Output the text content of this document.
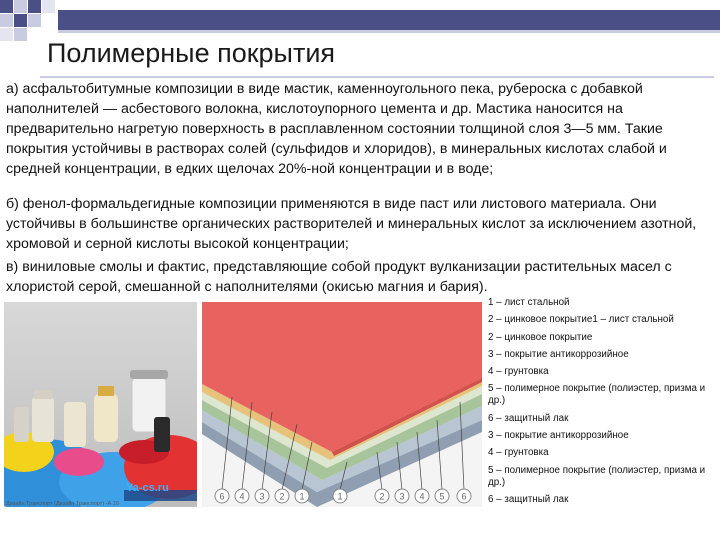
Полимерные покрытия
а) асфальтобитумные композиции в виде мастик, каменноугольного пека, рубероска с добавкой наполнителей — асбестового волокна, кислотоупорного цемента и др. Мастика наносится на предварительно нагретую поверхность в расплавленном состоянии толщиной слоя 3—5 мм. Такие покрытия устойчивы в растворах солей (сульфидов и хлоридов), в минеральных кислотах слабой и средней концентрации, в едких щелочах 20%-ной концентрации и в воде;
б) фенол-формальдегидные композиции применяются в виде паст или листового материала. Они устойчивы в большинстве органических растворителей и минеральных кислот за исключением азотной, хромовой и серной кислоты высокой концентрации;
в) виниловые смолы и фактис, представляющие собой продукт вулканизации растительных масел с хлористой серой, смешанной с наполнителями (окисью магния и бария).
Ya-cs.ru
Дизайн Транспорт (Дизайн Транспорт) -А 10
6 4 3 2 1	1	2 3 4 5 6
1 – лист стальной
2 – цинковое покрытие1 – лист стальной
2 – цинковое покрытие
3 – покрытие антикоррозийное
4 – грунтовка
5 – полимерное покрытие (полиэстер, призма и др.)
6 – защитный лак
3 – покрытие антикоррозийное
4 – грунтовка
5 – полимерное покрытие (полиэстер, призма и др.)
6 – защитный лак
